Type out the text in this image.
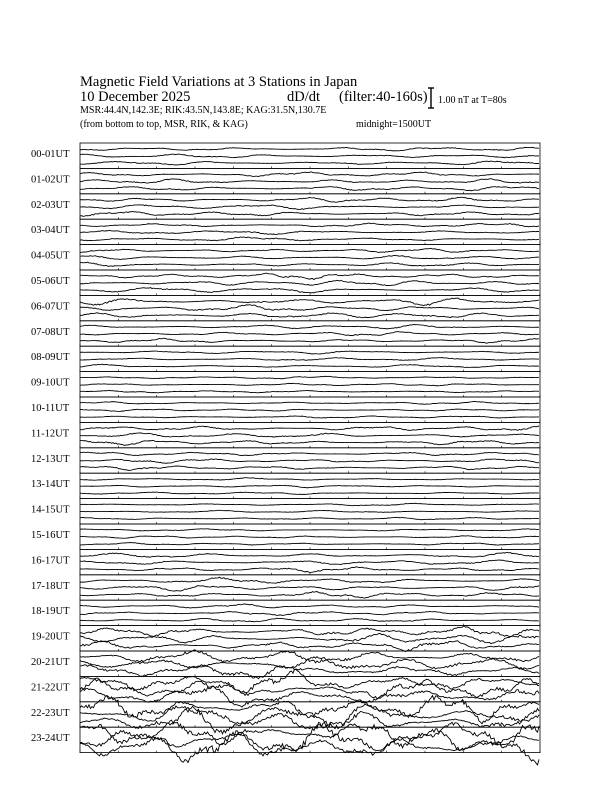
Magnetic Field Variations at 3 Stations in Japan
10 December 2025	dD/dt (filter:40-160s)
MSR:44.4N,142.3E; RIK:43.5N,143.8E; KAG:31.5N,130.7E
(from bottom to top, MSR, RIK, & KAG)	midnight=1500UT
1.00 nT at T=80s
00-01UT
01-02UT
02-03UT
03-04UT
04-05UT
05-06UT
06-07UT
07-08UT
08-09UT
09-10UT
10-11UT
11-12UT
12-13UT
13-14UT
14-15UT
15-16UT
16-17UT
17-18UT
18-19UT
19-20UT
20-21UT
21-22UT
22-23UT
23-24UT
